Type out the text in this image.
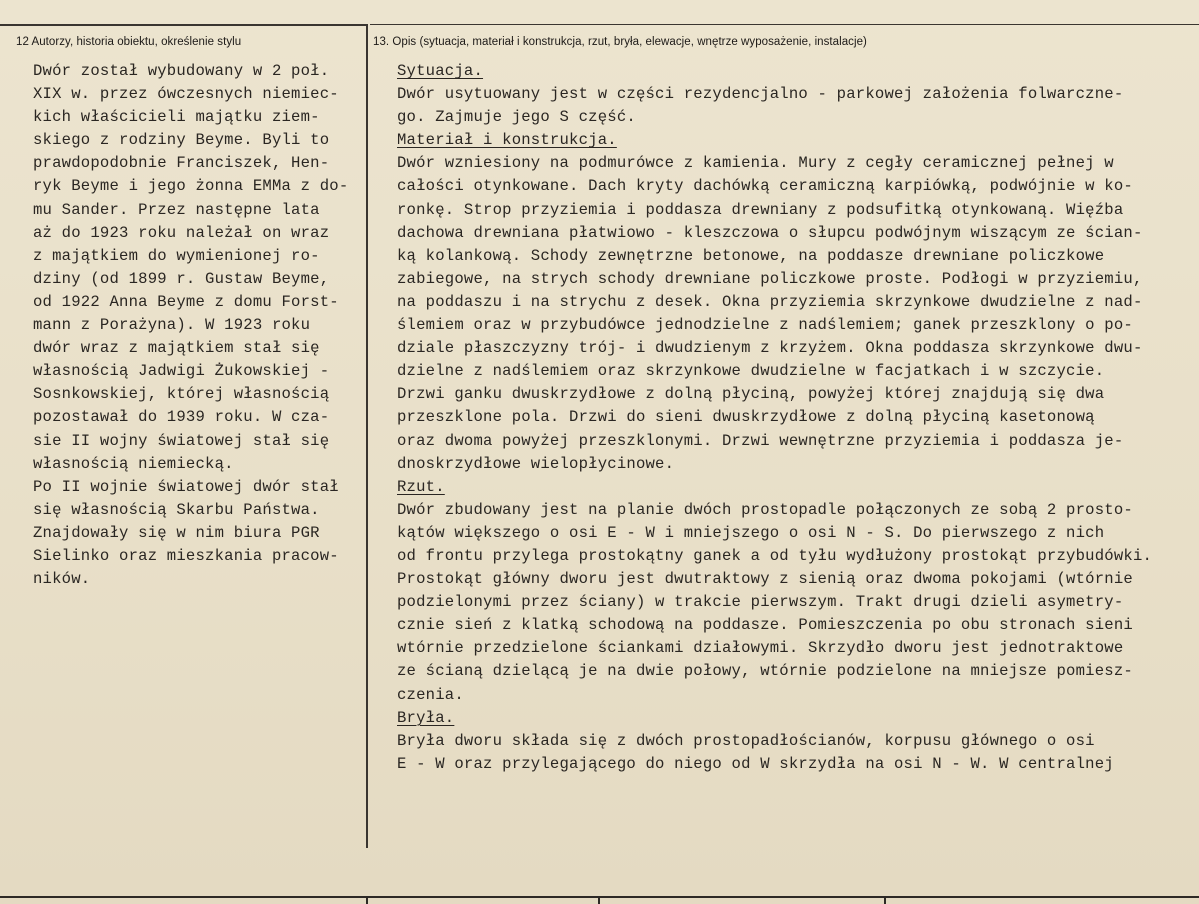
12 Autorzy, historia obiektu, określenie stylu	13. Opis (sytuacja, materiał i konstrukcja, rzut, bryła, elewacje, wnętrze wyposażenie, instalacje)
Dwór został wybudowany w 2 poł.
XIX w. przez ówczesnych niemiec-
kich właścicieli majątku ziem-
skiego z rodziny Beyme. Byli to
prawdopodobnie Franciszek, Hen-
ryk Beyme i jego żonna EMMa z do-
mu Sander. Przez następne lata
aż do 1923 roku należał on wraz
z majątkiem do wymienionej ro-
dziny (od 1899 r. Gustaw Beyme,
od 1922 Anna Beyme z domu Forst-
mann z Porażyna). W 1923 roku
dwór wraz z majątkiem stał się
własnością Jadwigi Żukowskiej -
Sosnkowskiej, której własnością
pozostawał do 1939 roku. W cza-
sie II wojny światowej stał się
własnością niemiecką.
Po II wojnie światowej dwór stał
się własnością Skarbu Państwa.
Znajdowały się w nim biura PGR
Sielinko oraz mieszkania pracow-
ników.
Sytuacja.
Dwór usytuowany jest w części rezydencjalno - parkowej założenia folwarczne-
go. Zajmuje jego S część.
Materiał i konstrukcja.
Dwór wzniesiony na podmurówce z kamienia. Mury z cegły ceramicznej pełnej w
całości otynkowane. Dach kryty dachówką ceramiczną karpiówką, podwójnie w ko-
ronkę. Strop przyziemia i poddasza drewniany z podsufitką otynkowaną. Więźba
dachowa drewniana płatwiowo - kleszczowa o słupcu podwójnym wiszącym ze ścian-
ką kolankową. Schody zewnętrzne betonowe, na poddasze drewniane policzkowe
zabiegowe, na strych schody drewniane policzkowe proste. Podłogi w przyziemiu,
na poddaszu i na strychu z desek. Okna przyziemia skrzynkowe dwudzielne z nad-
ślemiem oraz w przybudówce jednodzielne z nadślemiem; ganek przeszklony o po-
dziale płaszczyzny trój- i dwudzienym z krzyżem. Okna poddasza skrzynkowe dwu-
dzielne z nadślemiem oraz skrzynkowe dwudzielne w facjatkach i w szczycie.
Drzwi ganku dwuskrzydłowe z dolną płyciną, powyżej której znajdują się dwa
przeszklone pola. Drzwi do sieni dwuskrzydłowe z dolną płyciną kasetonową
oraz dwoma powyżej przeszklonymi. Drzwi wewnętrzne przyziemia i poddasza je-
dnoskrzydłowe wielopłycinowe.
Rzut.
Dwór zbudowany jest na planie dwóch prostopadle połączonych ze sobą 2 prosto-
kątów większego o osi E - W i mniejszego o osi N - S. Do pierwszego z nich
od frontu przylega prostokątny ganek a od tyłu wydłużony prostokąt przybudówki.
Prostokąt główny dworu jest dwutraktowy z sienią oraz dwoma pokojami (wtórnie
podzielonymi przez ściany) w trakcie pierwszym. Trakt drugi dzieli asymetry-
cznie sień z klatką schodową na poddasze. Pomieszczenia po obu stronach sieni
wtórnie przedzielone ściankami działowymi. Skrzydło dworu jest jednotraktowe
ze ścianą dzielącą je na dwie połowy, wtórnie podzielone na mniejsze pomiesz-
czenia.
Bryła.
Bryła dworu składa się z dwóch prostopadłościanów, korpusu głównego o osi
E - W oraz przylegającego do niego od W skrzydła na osi N - W. W centralnej
